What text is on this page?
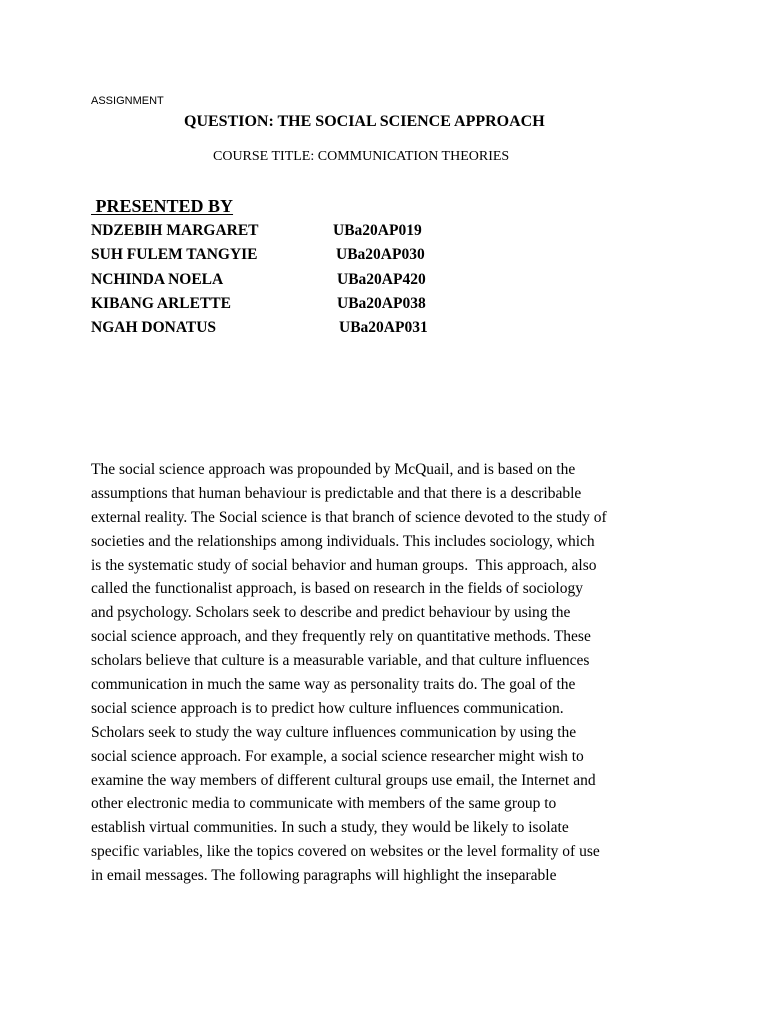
ASSIGNMENT
QUESTION: THE SOCIAL SCIENCE APPROACH
COURSE TITLE: COMMUNICATION THEORIES
PRESENTED BY
NDZEBIH MARGARET	UBa20AP019
SUH FULEM TANGYIE	UBa20AP030
NCHINDA NOELA	UBa20AP420
KIBANG ARLETTE	UBa20AP038
NGAH DONATUS	UBa20AP031
The social science approach was propounded by McQuail, and is based on the
assumptions that human behaviour is predictable and that there is a describable
external reality. The Social science is that branch of science devoted to the study of
societies and the relationships among individuals. This includes sociology, which
is the systematic study of social behavior and human groups.  This approach, also
called the functionalist approach, is based on research in the fields of sociology
and psychology. Scholars seek to describe and predict behaviour by using the
social science approach, and they frequently rely on quantitative methods. These
scholars believe that culture is a measurable variable, and that culture influences
communication in much the same way as personality traits do. The goal of the
social science approach is to predict how culture influences communication.
Scholars seek to study the way culture influences communication by using the
social science approach. For example, a social science researcher might wish to
examine the way members of different cultural groups use email, the Internet and
other electronic media to communicate with members of the same group to
establish virtual communities. In such a study, they would be likely to isolate
specific variables, like the topics covered on websites or the level formality of use
in email messages. The following paragraphs will highlight the inseparable
